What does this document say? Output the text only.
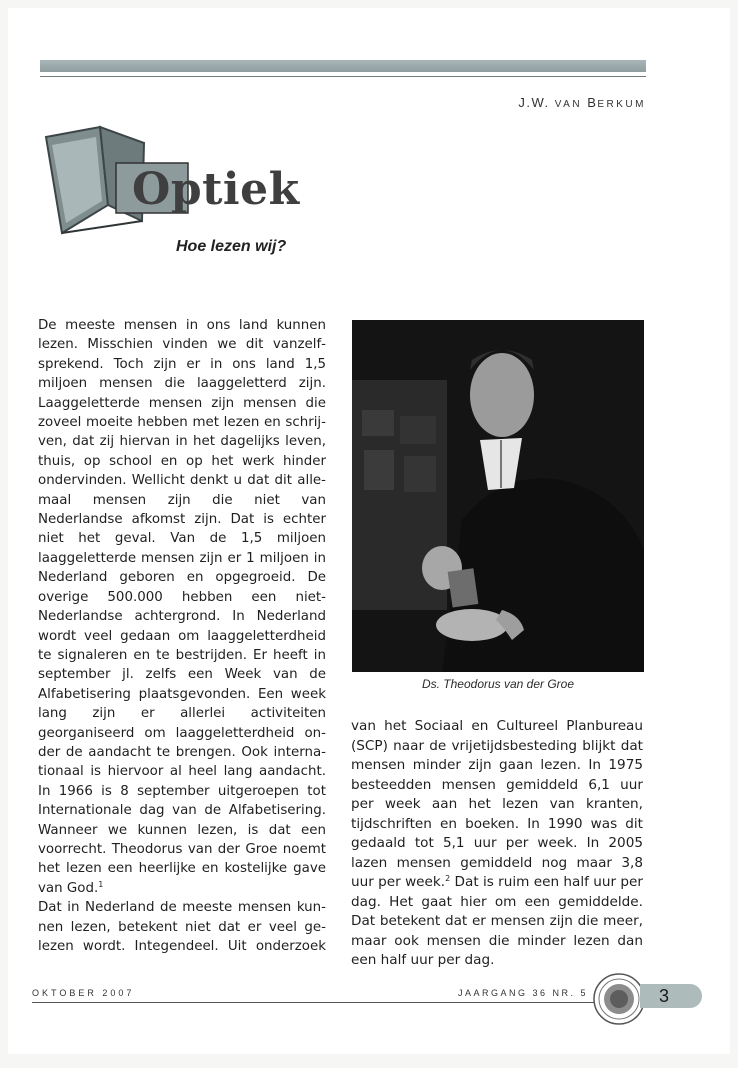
J.W. VAN BERKUM
Optiek
Hoe lezen wij?

De meeste mensen in ons land kunnen lezen. Misschien vinden we dit vanzelfsprekend. Toch zijn er in ons land 1,5 miljoen mensen die laaggeletterd zijn. Laaggeletterde mensen zijn mensen die zoveel moeite hebben met lezen en schrijven, dat zij hiervan in het dagelijks leven, thuis, op school en op het werk hinder ondervinden. Wellicht denkt u dat dit allemaal mensen zijn die niet van Nederlandse afkomst zijn. Dat is echter niet het geval. Van de 1,5 miljoen laaggeletterde mensen zijn er 1 miljoen in Nederland geboren en opgegroeid. De overige 500.000 hebben een niet-Nederlandse achtergrond. In Nederland wordt veel gedaan om laaggeletterdheid te signaleren en te bestrijden. Er heeft in september jl. zelfs een Week van de Alfabetisering plaatsgevonden. Een week lang zijn er allerlei activiteiten georganiseerd om laaggeletterdheid onder de aandacht te brengen. Ook internationaal is hiervoor al heel lang aandacht. In 1966 is 8 september uitgeroepen tot Internationale dag van de Alfabetisering. Wanneer we kunnen lezen, is dat een voorrecht. Theodorus van der Groe noemt het lezen een heerlijke en kostelijke gave van God.$^1$

Dat in Nederland de meeste mensen kunnen lezen, betekent niet dat er veel gelezen wordt. Integendeel. Uit onderzoek

Ds. Theodorus van der Groe

van het Sociaal en Cultureel Planbureau (SCP) naar de vrijetijdsbesteding blijkt dat mensen minder zijn gaan lezen. In 1975 besteedden mensen gemiddeld 6,1 uur per week aan het lezen van kranten, tijdschriften en boeken. In 1990 was dit gedaald tot 5,1 uur per week. In 2005 lazen mensen gemiddeld nog maar 3,8 uur per week.$^2$ Dat is ruim een half uur per dag. Het gaat hier om een gemiddelde. Dat betekent dat er mensen zijn die meer, maar ook mensen die minder lezen dan een half uur per dag.

OKTOBER 2007	JAARGANG 36 NR. 5	3
